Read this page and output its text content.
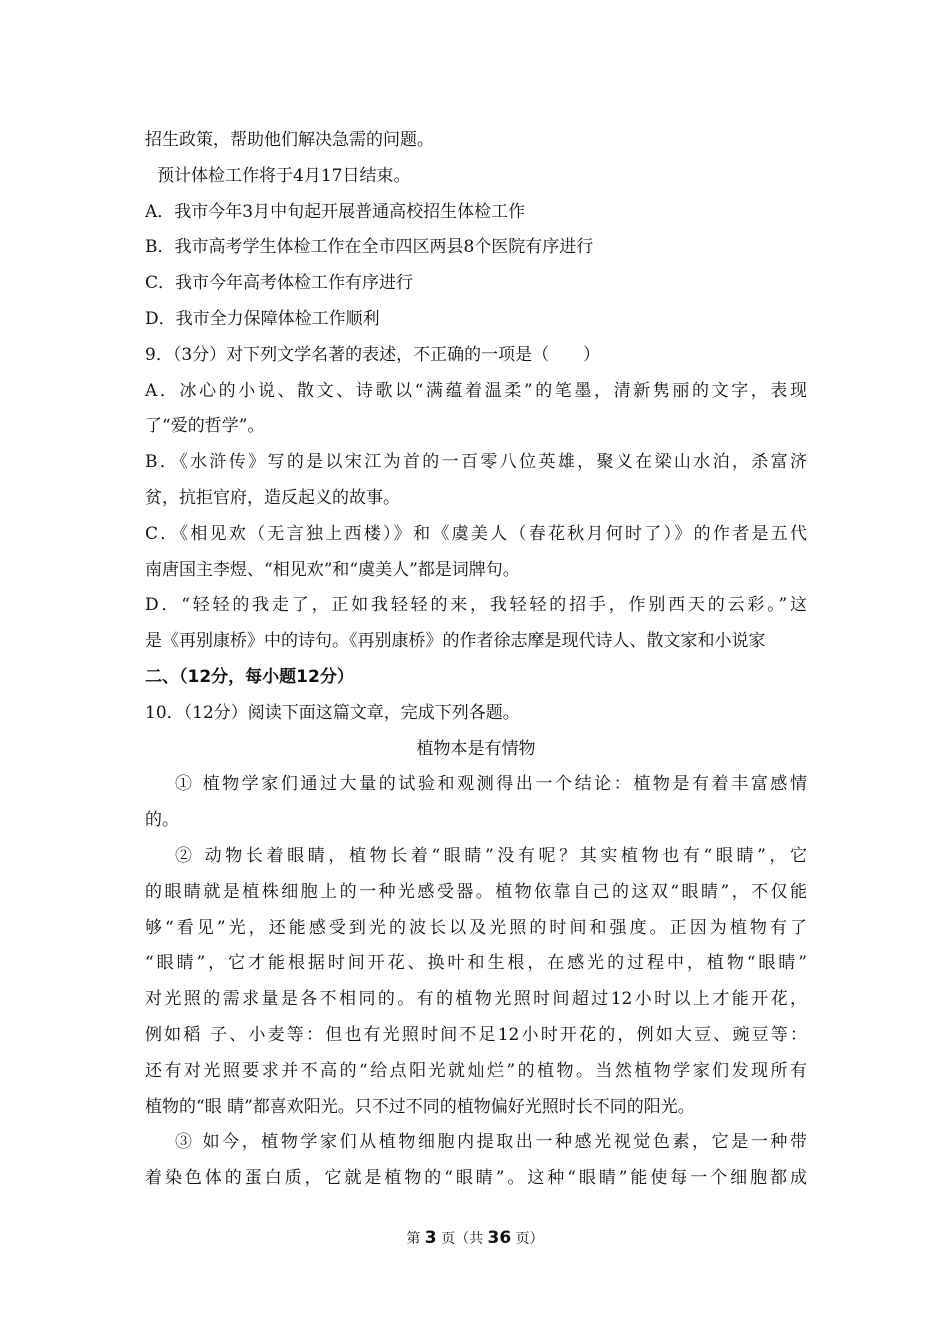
招生政策，帮助他们解决急需的问题。
预计体检工作将于4月17日结束。
A．我市今年3月中旬起开展普通高校招生体检工作
B．我市高考学生体检工作在全市四区两县8个医院有序进行
C．我市今年高考体检工作有序进行
D．我市全力保障体检工作顺利
9．（3分）对下列文学名著的表述，不正确的一项是（　　）
A．冰心的小说、散文、诗歌以“满蕴着温柔”的笔墨，清新隽丽的文字，表现
了“爱的哲学”。
B．《水浒传》写的是以宋江为首的一百零八位英雄，聚义在梁山水泊，杀富济
贫，抗拒官府，造反起义的故事。
C．《相见欢（无言独上西楼）》和《虞美人（春花秋月何时了）》的作者是五代
南唐国主李煜、“相见欢”和“虞美人”都是词牌句。
D．“轻轻的我走了，正如我轻轻的来，我轻轻的招手，作别西天的云彩。”这
是《再别康桥》中的诗句。《再别康桥》的作者徐志摩是现代诗人、散文家和小说家
二、（12分，每小题12分）
10．（12分）阅读下面这篇文章，完成下列各题。
植物本是有情物
① 植物学家们通过大量的试验和观测得出一个结论：植物是有着丰富感情
的。
② 动物长着眼睛，植物长着“眼睛”没有呢？其实植物也有“眼睛”，它
的眼睛就是植株细胞上的一种光感受器。植物依靠自己的这双“眼睛”，不仅能
够“看见”光，还能感受到光的波长以及光照的时间和强度。正因为植物有了
“眼睛”，它才能根据时间开花、换叶和生根，在感光的过程中，植物“眼睛”
对光照的需求量是各不相同的。有的植物光照时间超过12小时以上才能开花，
例如稻 子、小麦等：但也有光照时间不足12小时开花的，例如大豆、豌豆等：
还有对光照要求并不高的“给点阳光就灿烂”的植物。当然植物学家们发现所有
植物的“眼 睛”都喜欢阳光。只不过不同的植物偏好光照时长不同的阳光。
③ 如今，植物学家们从植物细胞内提取出一种感光视觉色素，它是一种带
着染色体的蛋白质，它就是植物的“眼睛”。这种“眼睛”能使每一个细胞都成
第 3 页（共 36 页）
